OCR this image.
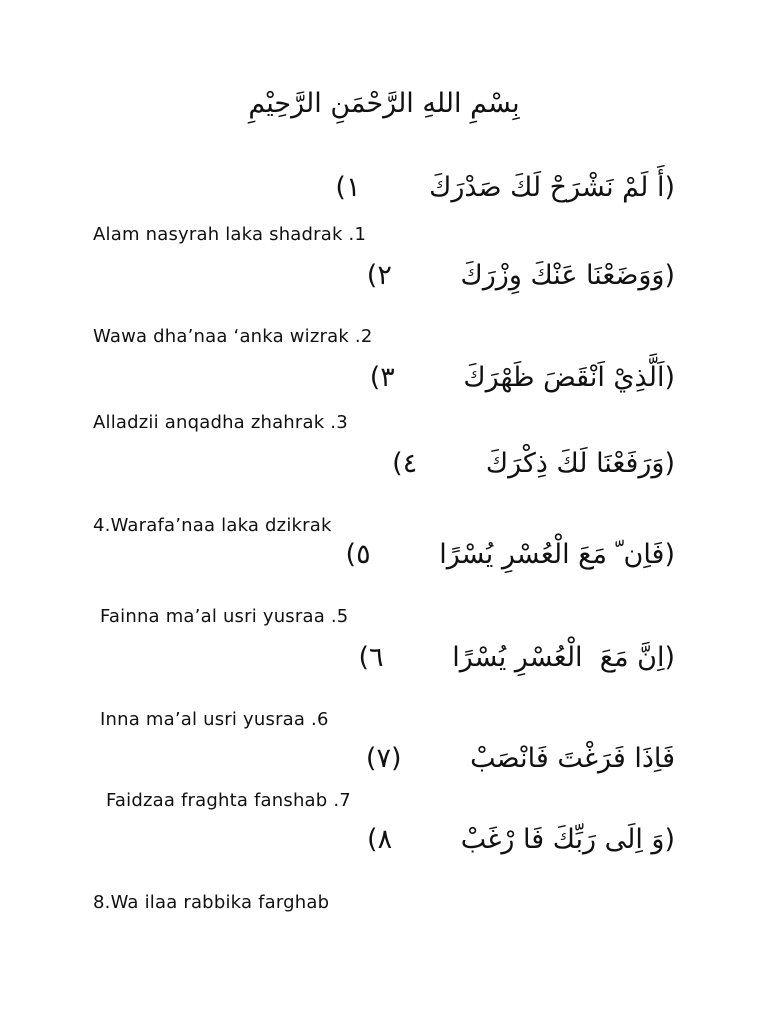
بِسْمِ اللهِ الرَّحْمَنِ الرَّحِيْمِ
(أَ لَمْ نَشْرَحْ لَكَ صَدْرَكَ        ١)
Alam nasyrah laka shadrak .1
(وَوَضَعْنَا عَنْكَ وِزْرَكَ        ٢)
Wawa dha’naa ‘anka wizrak .2
(اَلَّذِيْ اَنْقَضَ ظَهْرَكَ        ٣)
Alladzii anqadha zhahrak .3
(وَرَفَعْنَا لَكَ ذِكْرَكَ        ٤)
4.Warafa’naa laka dzikrak
(فَاِن ّ مَعَ الْعُسْرِ يُسْرًا        ٥)
Fainna ma’al usri yusraa .5
(اِنَّ مَعَ  الْعُسْرِ يُسْرًا        ٦)
Inna ma’al usri yusraa .6
فَاِذَا فَرَغْتَ فَانْصَبْ        (٧)
Faidzaa fraghta fanshab .7
(وَ اِلَى رَبِّكَ فَا رْغَبْ        ٨)
8.Wa ilaa rabbika farghab
